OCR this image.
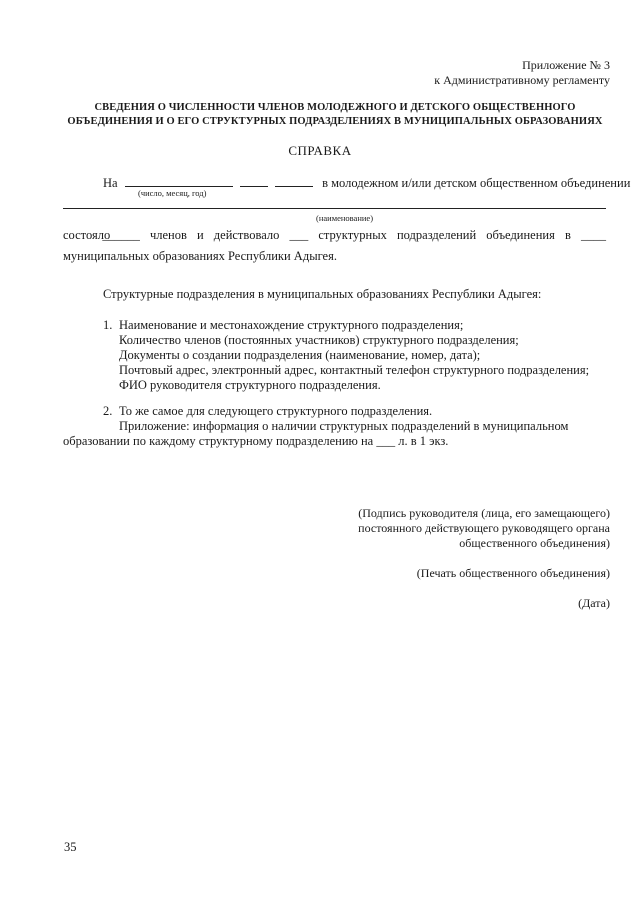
Приложение № 3
к Административному регламенту
СВЕДЕНИЯ О ЧИСЛЕННОСТИ ЧЛЕНОВ МОЛОДЕЖНОГО И ДЕТСКОГО ОБЩЕСТВЕННОГО
ОБЪЕДИНЕНИЯ И О ЕГО СТРУКТУРНЫХ ПОДРАЗДЕЛЕНИЯХ В МУНИЦИПАЛЬНЫХ ОБРАЗОВАНИЯХ
СПРАВКА
На	в молодежном и/или детском общественном объединении
(число, месяц, год)
(наименование)
состояло
______ членов и действовало ___ структурных подразделений объединения в ____
муниципальных образованиях Республики Адыгея.
Структурные подразделения в муниципальных образованиях Республики Адыгея:
1. Наименование и местонахождение структурного подразделения;
Количество членов (постоянных участников) структурного подразделения;
Документы о создании подразделения (наименование, номер, дата);
Почтовый адрес, электронный адрес, контактный телефон структурного подразделения;
ФИО руководителя структурного подразделения.
2. То же самое для следующего структурного подразделения.
Приложение: информация о наличии структурных подразделений в муниципальном образовании по каждому структурному подразделению на ___ л. в 1 экз.
(Подпись руководителя (лица, его замещающего)
постоянного действующего руководящего органа
общественного объединения)
(Печать общественного объединения)
(Дата)
35
